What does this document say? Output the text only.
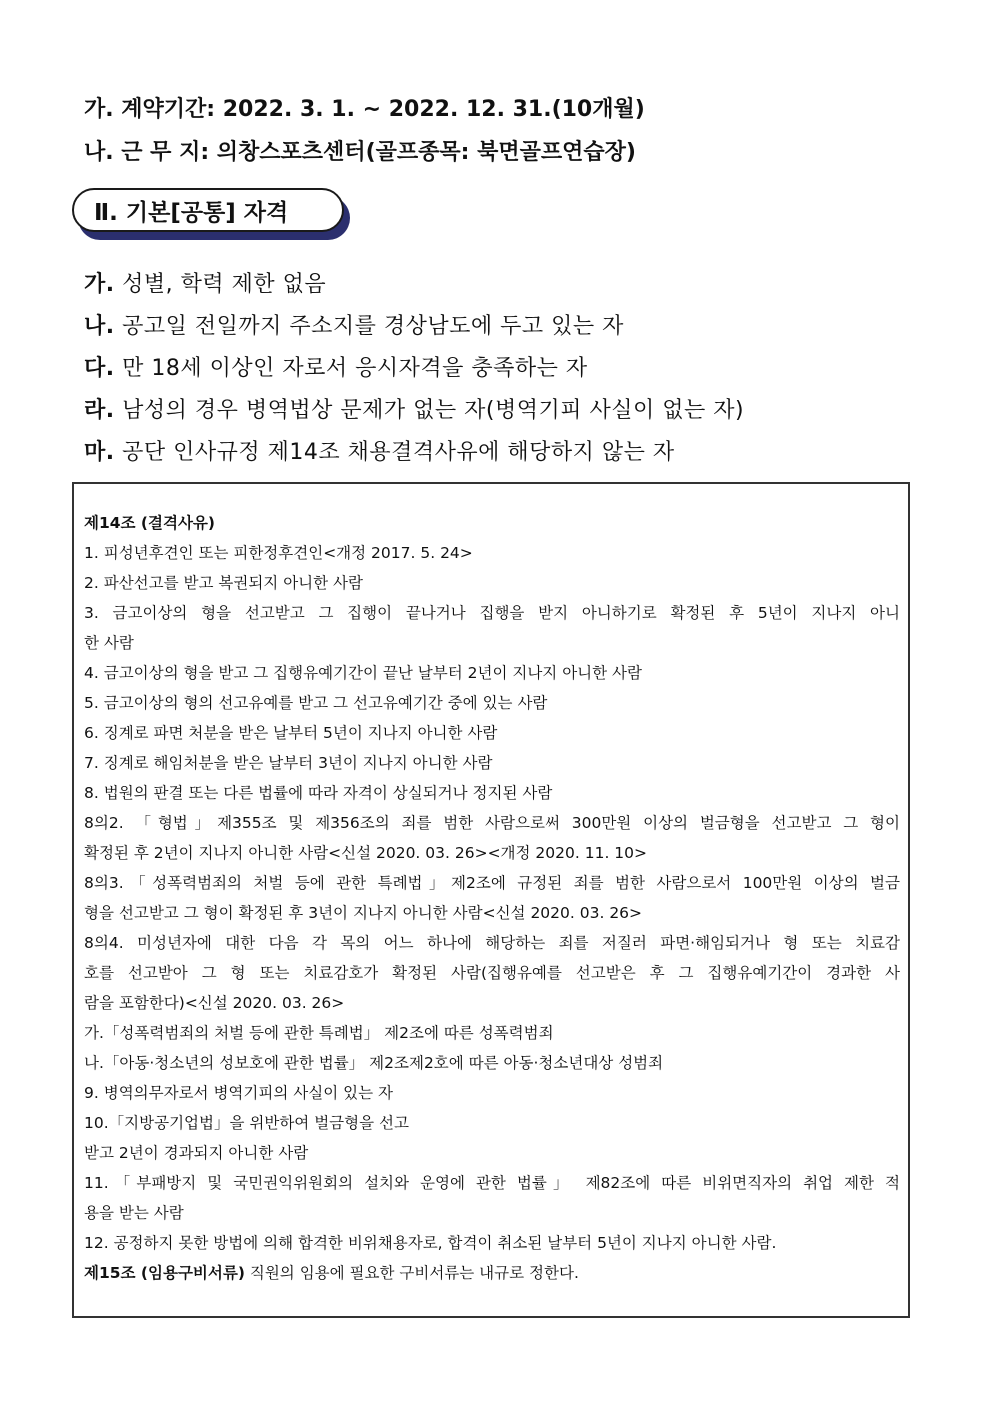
가. 계약기간: 2022. 3. 1. ~ 2022. 12. 31.(10개월)
나. 근 무 지: 의창스포츠센터(골프종목: 북면골프연습장)
Ⅱ. 기본[공통] 자격
가. 성별, 학력 제한 없음
나. 공고일 전일까지 주소지를 경상남도에 두고 있는 자
다. 만 18세 이상인 자로서 응시자격을 충족하는 자
라. 남성의 경우 병역법상 문제가 없는 자(병역기피 사실이 없는 자)
마. 공단 인사규정 제14조 채용결격사유에 해당하지 않는 자
제14조 (결격사유)
1. 피성년후견인 또는 피한정후견인<개정 2017. 5. 24>
2. 파산선고를 받고 복권되지 아니한 사람
3. 금고이상의 형을 선고받고 그 집행이 끝나거나 집행을 받지 아니하기로 확정된 후 5년이 지나지 아니
한 사람
4. 금고이상의 형을 받고 그 집행유예기간이 끝난 날부터 2년이 지나지 아니한 사람
5. 금고이상의 형의 선고유예를 받고 그 선고유예기간 중에 있는 사람
6. 징계로 파면 처분을 받은 날부터 5년이 지나지 아니한 사람
7. 징계로 해임처분을 받은 날부터 3년이 지나지 아니한 사람
8. 법원의 판결 또는 다른 법률에 따라 자격이 상실되거나 정지된 사람
8의2. 「형법」제355조 및 제356조의 죄를 범한 사람으로써 300만원 이상의 벌금형을 선고받고 그 형이
확정된 후 2년이 지나지 아니한 사람<신설 2020. 03. 26><개정 2020. 11. 10>
8의3.「성폭력범죄의 처벌 등에 관한 특례법」제2조에 규정된 죄를 범한 사람으로서 100만원 이상의 벌금
형을 선고받고 그 형이 확정된 후 3년이 지나지 아니한 사람<신설 2020. 03. 26>
8의4. 미성년자에 대한 다음 각 목의 어느 하나에 해당하는 죄를 저질러 파면·해임되거나 형 또는 치료감
호를 선고받아 그 형 또는 치료감호가 확정된 사람(집행유예를 선고받은 후 그 집행유예기간이 경과한 사
람을 포함한다)<신설 2020. 03. 26>
가.「성폭력범죄의 처벌 등에 관한 특례법」 제2조에 따른 성폭력범죄
나.「아동·청소년의 성보호에 관한 법률」 제2조제2호에 따른 아동·청소년대상 성범죄
9. 병역의무자로서 병역기피의 사실이 있는 자
10.「지방공기업법」을 위반하여 벌금형을 선고
받고 2년이 경과되지 아니한 사람
11.「부패방지 및 국민권익위원회의 설치와 운영에 관한 법률」 제82조에 따른 비위면직자의 취업 제한 적
용을 받는 사람
12. 공정하지 못한 방법에 의해 합격한 비위채용자로, 합격이 취소된 날부터 5년이 지나지 아니한 사람.
제15조 (임용구비서류) 직원의 임용에 필요한 구비서류는 내규로 정한다.
